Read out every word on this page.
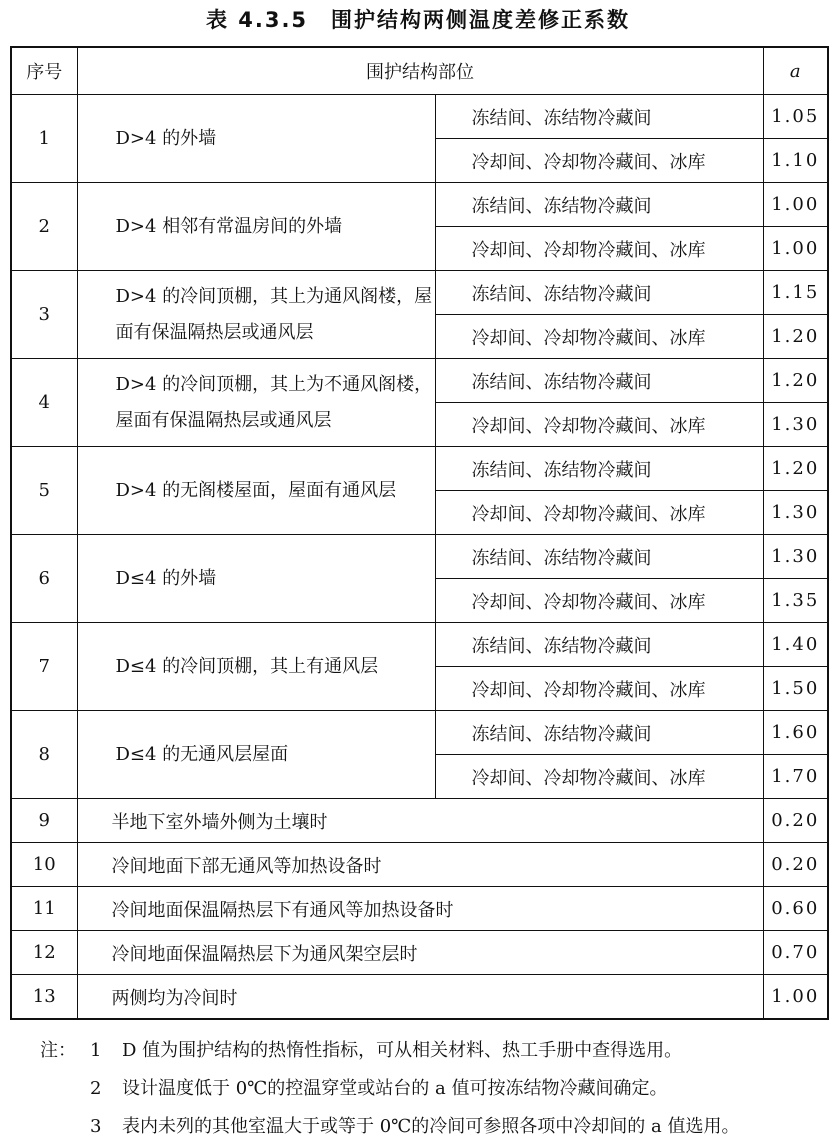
表 4.3.5　围护结构两侧温度差修正系数
序号	围护结构部位		a
1	D>4 的外墙	冻结间、冻结物冷藏间	1.05
		冷却间、冷却物冷藏间、冰库	1.10
2	D>4 相邻有常温房间的外墙	冻结间、冻结物冷藏间	1.00
		冷却间、冷却物冷藏间、冰库	1.00
3	D>4 的冷间顶棚，其上为通风阁楼，屋面有保温隔热层或通风层	冻结间、冻结物冷藏间	1.15
		冷却间、冷却物冷藏间、冰库	1.20
4	D>4 的冷间顶棚，其上为不通风阁楼，屋面有保温隔热层或通风层	冻结间、冻结物冷藏间	1.20
		冷却间、冷却物冷藏间、冰库	1.30
5	D>4 的无阁楼屋面，屋面有通风层	冻结间、冻结物冷藏间	1.20
		冷却间、冷却物冷藏间、冰库	1.30
6	D≤4 的外墙	冻结间、冻结物冷藏间	1.30
		冷却间、冷却物冷藏间、冰库	1.35
7	D≤4 的冷间顶棚，其上有通风层	冻结间、冻结物冷藏间	1.40
		冷却间、冷却物冷藏间、冰库	1.50
8	D≤4 的无通风层屋面	冻结间、冻结物冷藏间	1.60
		冷却间、冷却物冷藏间、冰库	1.70
9	半地下室外墙外侧为土壤时		0.20
10	冷间地面下部无通风等加热设备时		0.20
11	冷间地面保温隔热层下有通风等加热设备时		0.60
12	冷间地面保温隔热层下为通风架空层时		0.70
13	两侧均为冷间时		1.00
注： 1 D 值为围护结构的热惰性指标，可从相关材料、热工手册中查得选用。
2 设计温度低于 0℃的控温穿堂或站台的 a 值可按冻结物冷藏间确定。
3 表内未列的其他室温大于或等于 0℃的冷间可参照各项中冷却间的 a 值选用。
